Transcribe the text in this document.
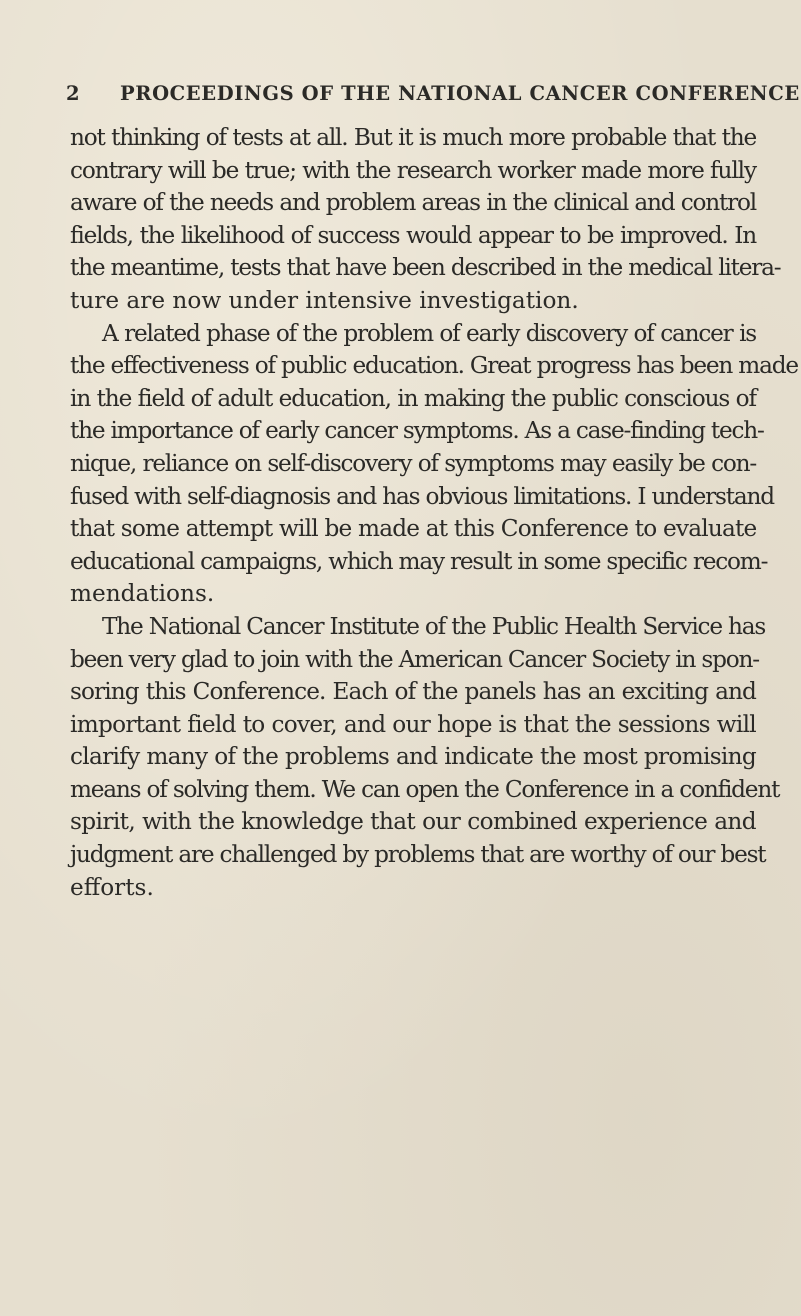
2 PROCEEDINGS OF THE NATIONAL CANCER CONFERENCE
not thinking of tests at all. But it is much more probable that the
contrary will be true; with the research worker made more fully
aware of the needs and problem areas in the clinical and control
fields, the likelihood of success would appear to be improved. In
the meantime, tests that have been described in the medical litera-
ture are now under intensive investigation.
A related phase of the problem of early discovery of cancer is
the effectiveness of public education. Great progress has been made
in the field of adult education, in making the public conscious of
the importance of early cancer symptoms. As a case-finding tech-
nique, reliance on self-discovery of symptoms may easily be con-
fused with self-diagnosis and has obvious limitations. I understand
that some attempt will be made at this Conference to evaluate
educational campaigns, which may result in some specific recom-
mendations.
The National Cancer Institute of the Public Health Service has
been very glad to join with the American Cancer Society in spon-
soring this Conference. Each of the panels has an exciting and
important field to cover, and our hope is that the sessions will
clarify many of the problems and indicate the most promising
means of solving them. We can open the Conference in a confident
spirit, with the knowledge that our combined experience and
judgment are challenged by problems that are worthy of our best
efforts.
